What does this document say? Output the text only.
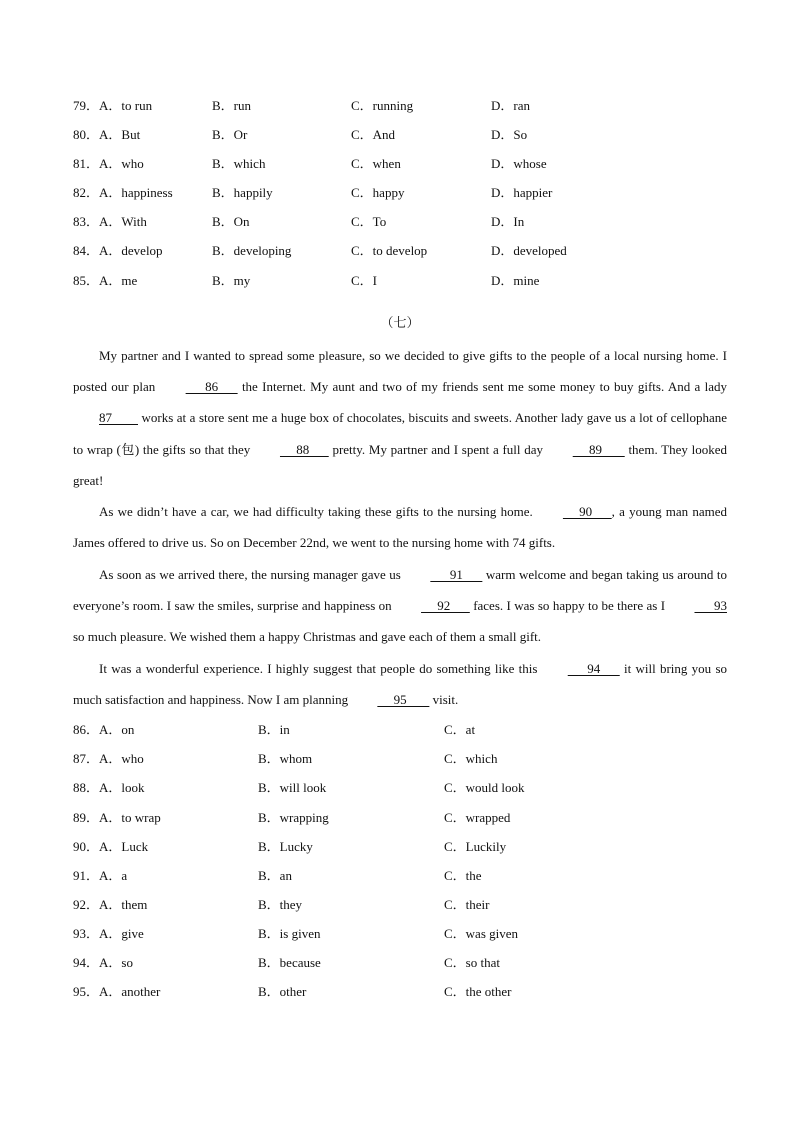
79．A．to run	B．run	C．running	D．ran
80．A．But	B．Or	C．And	D．So
81．A．who	B．which	C．when	D．whose
82．A．happiness	B．happily	C．happy	D．happier
83．A．With	B．On	C．To	D．In
84．A．develop	B．developing	C．to develop	D．developed
85．A．me	B．my	C．I	D．mine
（七）

My partner and I wanted to spread some pleasure, so we decided to give gifts to the people of a local nursing home. I posted our plan       86       the Internet. My aunt and two of my friends sent me some money to buy gifts. And a lady 87         works at a store sent me a huge box of chocolates, biscuits and sweets. Another lady gave us a lot of cellophane to wrap (包) the gifts so that they      88       pretty. My partner and I spent a full day      89        them. They looked great!

As we didn’t have a car, we had difficulty taking these gifts to the nursing home.      90      , a young man named James offered to drive us. So on December 22nd, we went to the nursing home with 74 gifts.

As soon as we arrived there, the nursing manager gave us       91       warm welcome and began taking us around to everyone’s room. I saw the smiles, surprise and happiness on      92       faces. I was so happy to be there as I       93 so much pleasure. We wished them a happy Christmas and gave each of them a small gift.

It was a wonderful experience. I highly suggest that people do something like this       94       it will bring you so much satisfaction and happiness. Now I am planning      95        visit.

86．A．on	B．in	C．at
87．A．who	B．whom	C．which
88．A．look	B．will look	C．would look
89．A．to wrap	B．wrapping	C．wrapped
90．A．Luck	B．Lucky	C．Luckily
91．A．a	B．an	C．the
92．A．them	B．they	C．their
93．A．give	B．is given	C．was given
94．A．so	B．because	C．so that
95．A．another	B．other	C．the other
